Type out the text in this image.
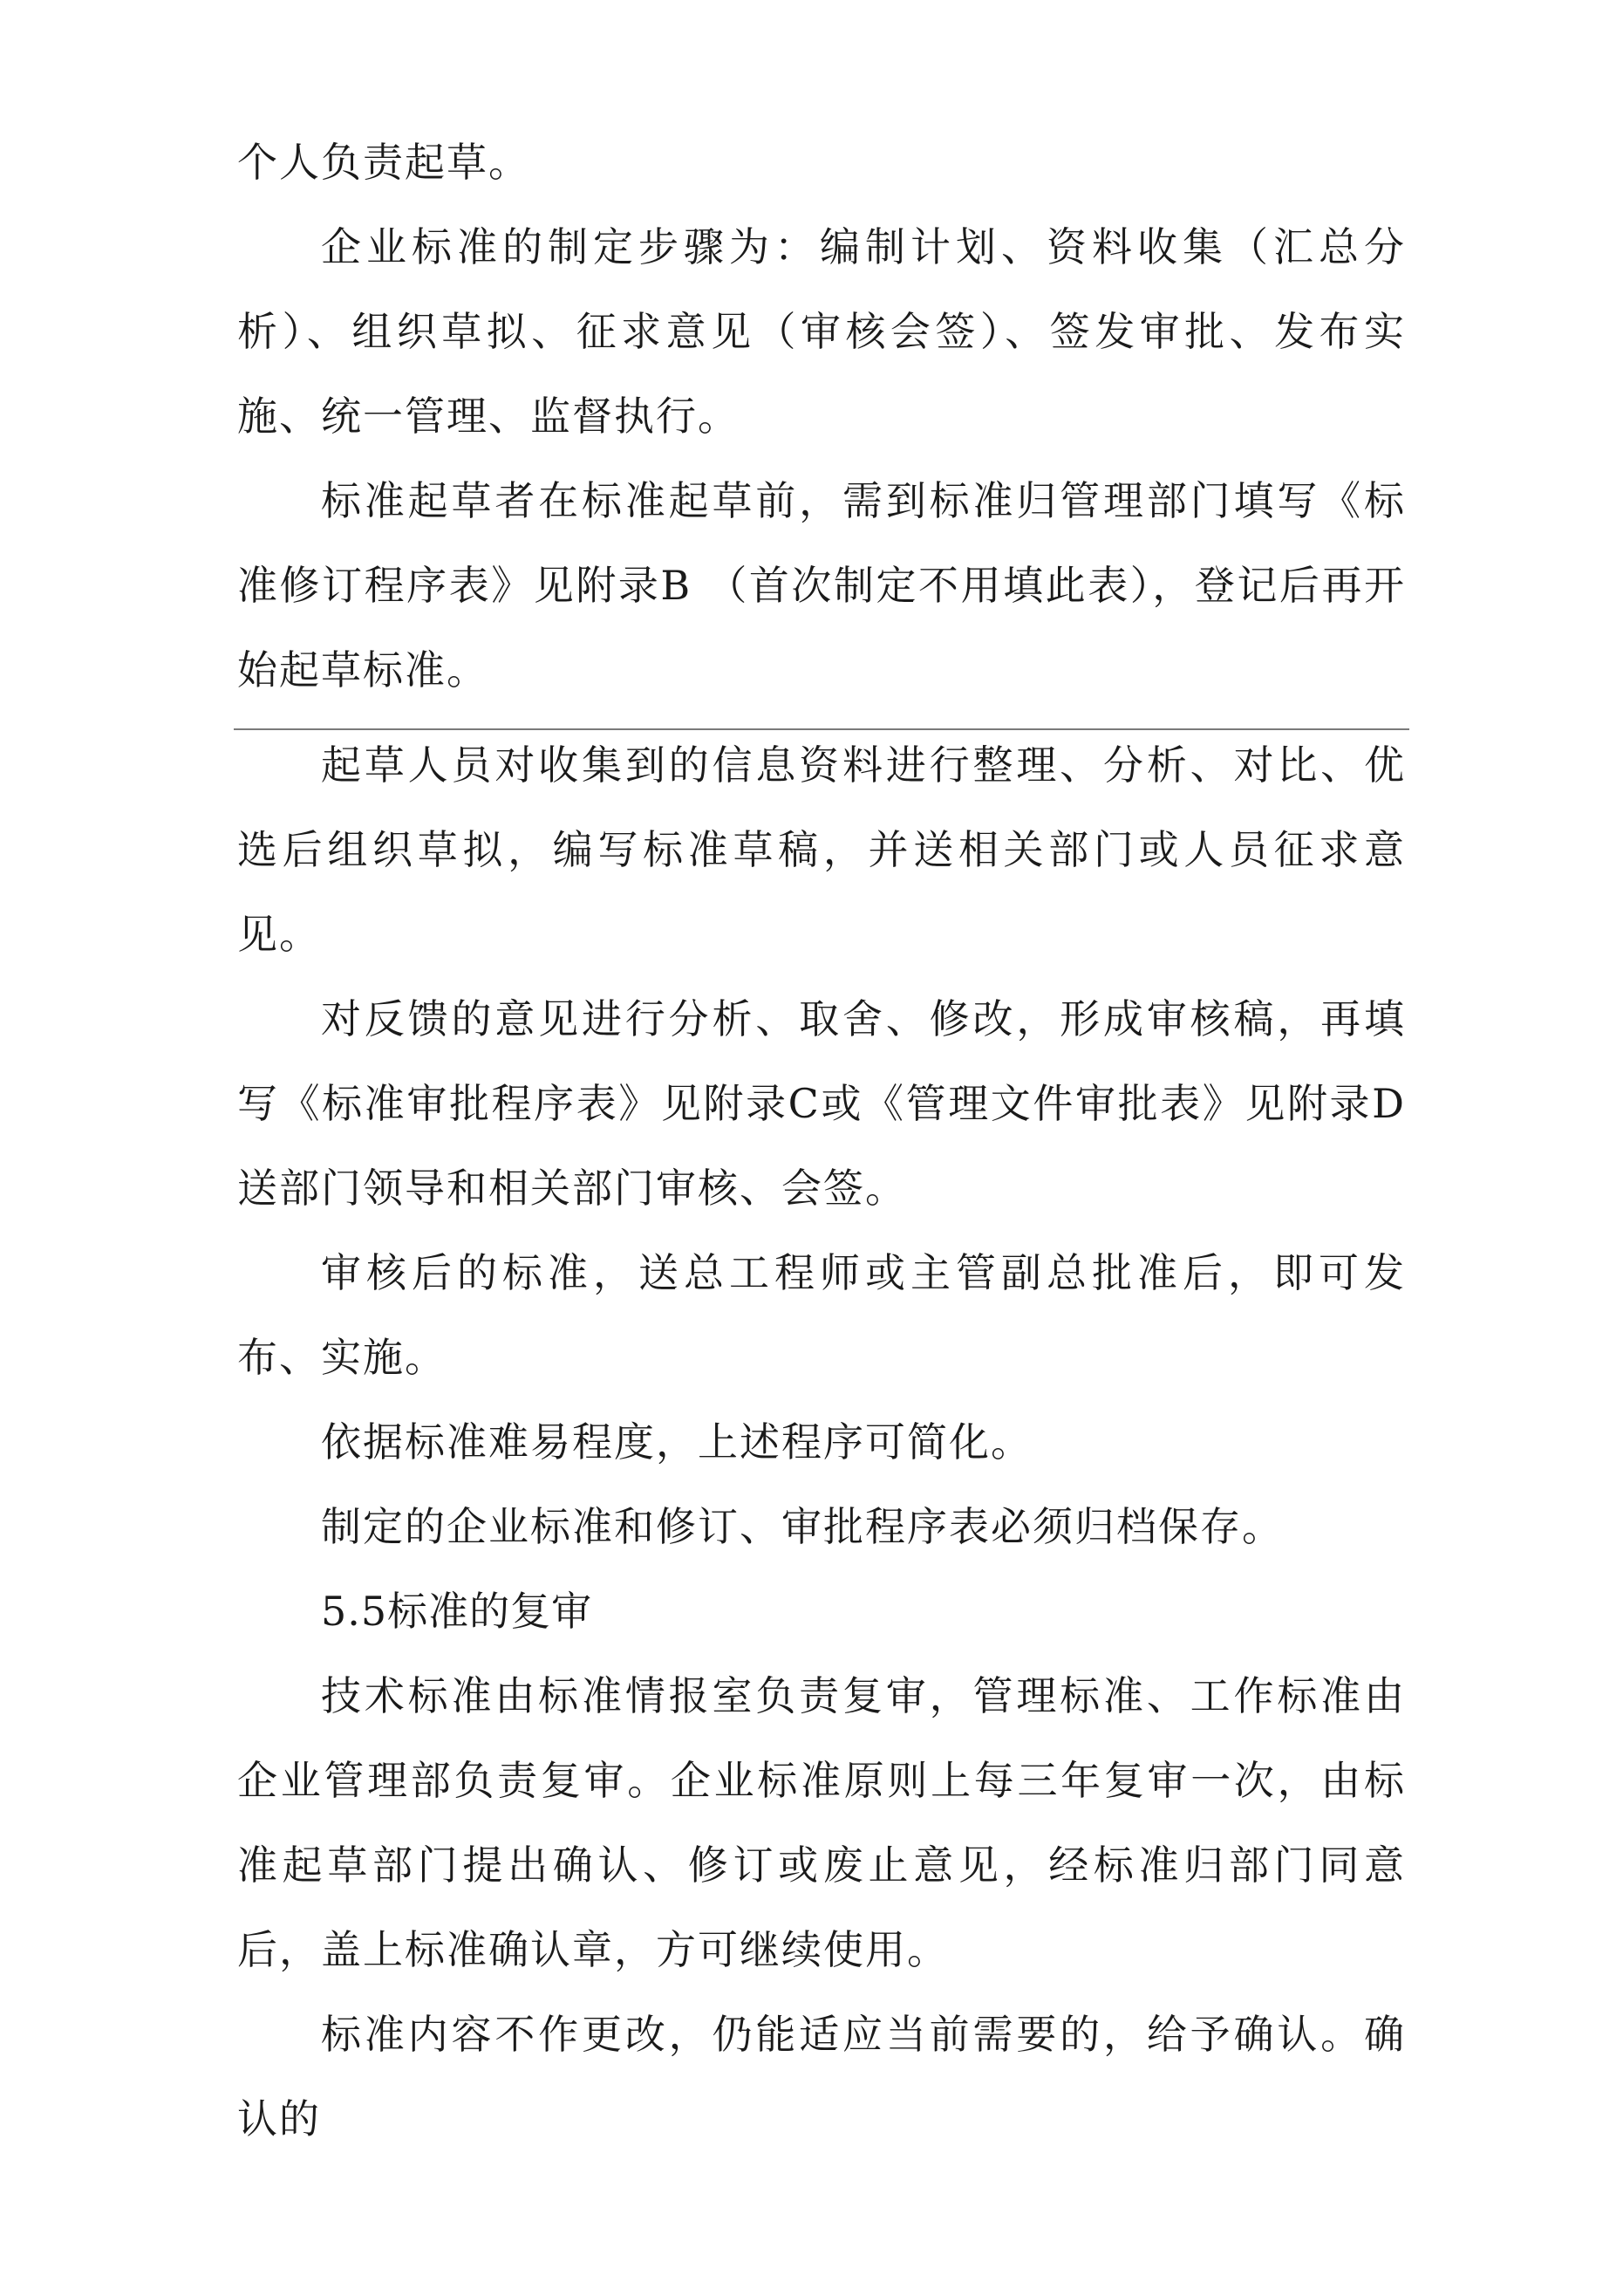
个人负责起草。

企业标准的制定步骤为：编制计划、资料收集（汇总分析）、组织草拟、征求意见（审核会签）、签发审批、发布实施、统一管理、监督执行。

标准起草者在标准起草前，需到标准归管理部门填写《标准修订程序表》见附录B （首次制定不用填此表），登记后再开始起草标准。

起草人员对收集到的信息资料进行整理、分析、对比、优选后组织草拟，编写标准草稿，并送相关部门或人员征求意见。

对反馈的意见进行分析、取舍、修改，形成审核稿，再填写《标准审批程序表》见附录C或《管理文件审批表》见附录D送部门领导和相关部门审核、会签。

审核后的标准，送总工程师或主管副总批准后，即可发布、实施。

依据标准难易程度，上述程序可简化。

制定的企业标准和修订、审批程序表必须归档保存。

5.5标准的复审

技术标准由标准情报室负责复审，管理标准、工作标准由企业管理部负责复审。企业标准原则上每三年复审一次，由标准起草部门提出确认、修订或废止意见，经标准归部门同意后，盖上标准确认章，方可继续使用。

标准内容不作更改，仍能适应当前需要的，给予确认。确认的
